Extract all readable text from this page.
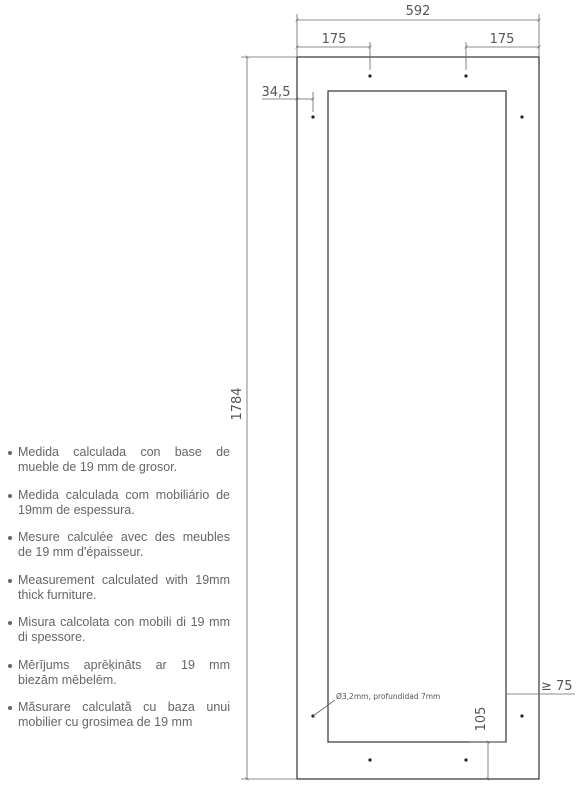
592
175	175
34,5
1784
105
≥ 75
Ø3,2mm, profundidad 7mm
Medida calculada con base de mueble de 19 mm de grosor.
Medida calculada com mobiliário de 19mm de espessura.
Mesure calculée avec des meubles de 19 mm d'épaisseur.
Measurement calculated with 19mm thick furniture.
Misura calcolata con mobili di 19 mm di spessore.
Mērījums aprēķināts ar 19 mm biezām mēbelēm.
Măsurare calculată cu baza unui mobilier cu grosimea de 19 mm
